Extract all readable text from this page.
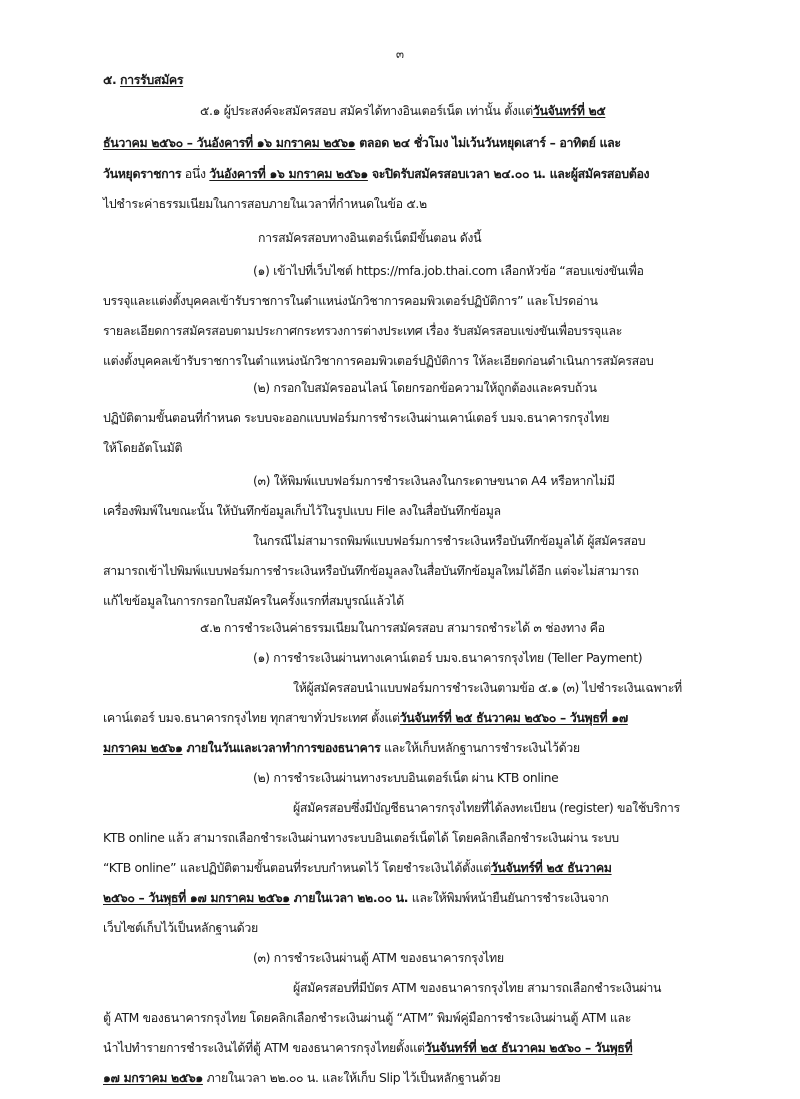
๓
๕. การรับสมัคร
๕.๑ ผู้ประสงค์จะสมัครสอบ สมัครได้ทางอินเตอร์เน็ต เท่านั้น ตั้งแต่วันจันทร์ที่ ๒๕
ธันวาคม ๒๕๖๐ – วันอังคารที่ ๑๖ มกราคม ๒๕๖๑ ตลอด ๒๔ ชั่วโมง ไม่เว้นวันหยุดเสาร์ – อาทิตย์ และ
วันหยุดราชการ อนึ่ง วันอังคารที่ ๑๖ มกราคม ๒๕๖๑ จะปิดรับสมัครสอบเวลา ๒๔.๐๐ น. และผู้สมัครสอบต้อง
ไปชำระค่าธรรมเนียมในการสอบภายในเวลาที่กำหนดในข้อ ๕.๒
การสมัครสอบทางอินเตอร์เน็ตมีขั้นตอน ดังนี้
(๑) เข้าไปที่เว็บไซต์ https://mfa.job.thai.com เลือกหัวข้อ “สอบแข่งขันเพื่อ
บรรจุและแต่งตั้งบุคคลเข้ารับราชการในตำแหน่งนักวิชาการคอมพิวเตอร์ปฏิบัติการ” และโปรดอ่าน
รายละเอียดการสมัครสอบตามประกาศกระทรวงการต่างประเทศ เรื่อง รับสมัครสอบแข่งขันเพื่อบรรจุและ
แต่งตั้งบุคคลเข้ารับราชการในตำแหน่งนักวิชาการคอมพิวเตอร์ปฏิบัติการ ให้ละเอียดก่อนดำเนินการสมัครสอบ
(๒) กรอกใบสมัครออนไลน์ โดยกรอกข้อความให้ถูกต้องและครบถ้วน
ปฏิบัติตามขั้นตอนที่กำหนด ระบบจะออกแบบฟอร์มการชำระเงินผ่านเคาน์เตอร์ บมจ.ธนาคารกรุงไทย
ให้โดยอัตโนมัติ
(๓) ให้พิมพ์แบบฟอร์มการชำระเงินลงในกระดาษขนาด A4 หรือหากไม่มี
เครื่องพิมพ์ในขณะนั้น ให้บันทึกข้อมูลเก็บไว้ในรูปแบบ File ลงในสื่อบันทึกข้อมูล
ในกรณีไม่สามารถพิมพ์แบบฟอร์มการชำระเงินหรือบันทึกข้อมูลได้ ผู้สมัครสอบ
สามารถเข้าไปพิมพ์แบบฟอร์มการชำระเงินหรือบันทึกข้อมูลลงในสื่อบันทึกข้อมูลใหม่ได้อีก แต่จะไม่สามารถ
แก้ไขข้อมูลในการกรอกใบสมัครในครั้งแรกที่สมบูรณ์แล้วได้
๕.๒ การชำระเงินค่าธรรมเนียมในการสมัครสอบ สามารถชำระได้ ๓ ช่องทาง คือ
(๑) การชำระเงินผ่านทางเคาน์เตอร์ บมจ.ธนาคารกรุงไทย (Teller Payment)
ให้ผู้สมัครสอบนำแบบฟอร์มการชำระเงินตามข้อ ๕.๑ (๓) ไปชำระเงินเฉพาะที่
เคาน์เตอร์ บมจ.ธนาคารกรุงไทย ทุกสาขาทั่วประเทศ ตั้งแต่วันจันทร์ที่ ๒๕ ธันวาคม ๒๕๖๐ – วันพุธที่ ๑๗
มกราคม ๒๕๖๑ ภายในวันและเวลาทำการของธนาคาร และให้เก็บหลักฐานการชำระเงินไว้ด้วย
(๒) การชำระเงินผ่านทางระบบอินเตอร์เน็ต ผ่าน KTB online
ผู้สมัครสอบซึ่งมีบัญชีธนาคารกรุงไทยที่ได้ลงทะเบียน (register) ขอใช้บริการ
KTB online แล้ว สามารถเลือกชำระเงินผ่านทางระบบอินเตอร์เน็ตได้ โดยคลิกเลือกชำระเงินผ่าน ระบบ
“KTB online” และปฏิบัติตามขั้นตอนที่ระบบกำหนดไว้ โดยชำระเงินได้ตั้งแต่วันจันทร์ที่ ๒๕ ธันวาคม
๒๕๖๐ – วันพุธที่ ๑๗ มกราคม ๒๕๖๑ ภายในเวลา ๒๒.๐๐ น. และให้พิมพ์หน้ายืนยันการชำระเงินจาก
เว็บไซต์เก็บไว้เป็นหลักฐานด้วย
(๓) การชำระเงินผ่านตู้ ATM ของธนาคารกรุงไทย
ผู้สมัครสอบที่มีบัตร ATM ของธนาคารกรุงไทย สามารถเลือกชำระเงินผ่าน
ตู้ ATM ของธนาคารกรุงไทย โดยคลิกเลือกชำระเงินผ่านตู้ “ATM” พิมพ์คู่มือการชำระเงินผ่านตู้ ATM และ
นำไปทำรายการชำระเงินได้ที่ตู้ ATM ของธนาคารกรุงไทยตั้งแต่วันจันทร์ที่ ๒๕ ธันวาคม ๒๕๖๐ – วันพุธที่
๑๗ มกราคม ๒๕๖๑ ภายในเวลา ๒๒.๐๐ น. และให้เก็บ Slip ไว้เป็นหลักฐานด้วย
